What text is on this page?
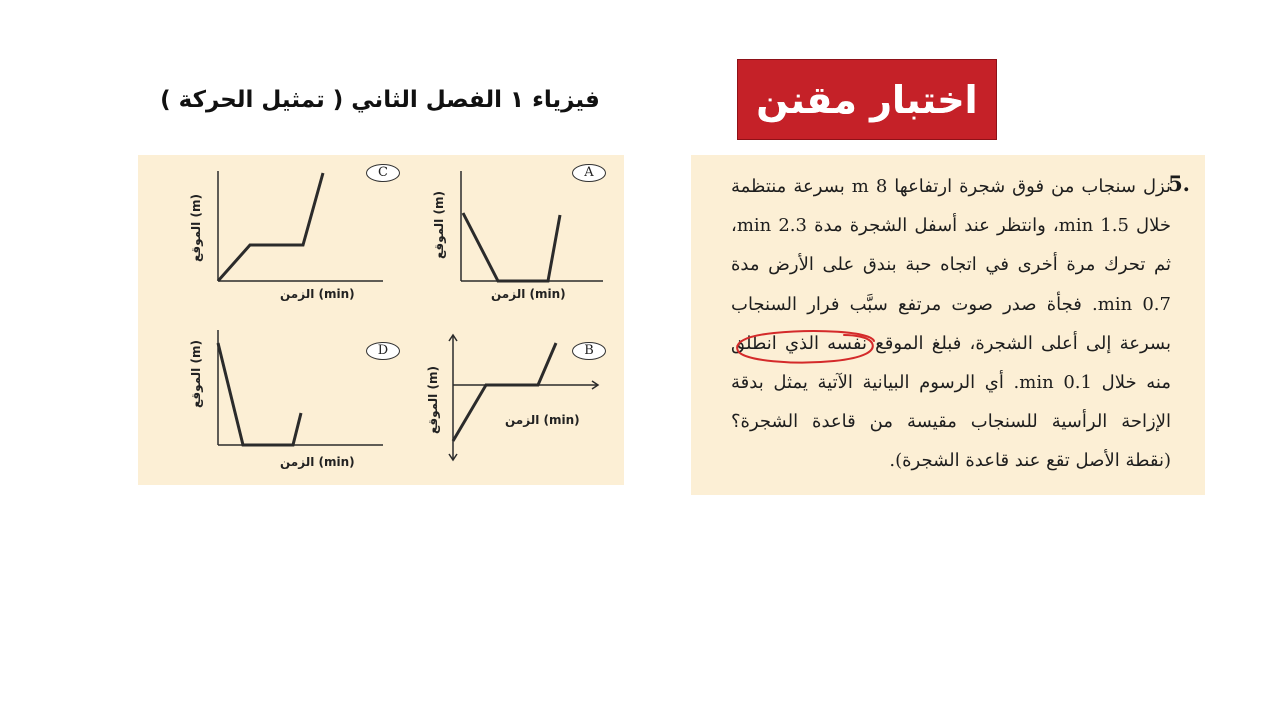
فيزياء ١ الفصل الثاني ( تمثيل الحركة )	اختبار مقنن
5.
نزل سنجاب من فوق شجرة ارتفاعها 8 m بسرعة منتظمة خلال 1.5 min، وانتظر عند أسفل الشجرة مدة 2.3 min، ثم تحرك مرة أخرى في اتجاه حبة بندق على الأرض مدة 0.7 min. فجأة صدر صوت مرتفع سبَّب فرار السنجاب بسرعة إلى أعلى الشجرة، فبلغ الموقع نفسه الذي انطلق منه خلال 0.1 min. أي الرسوم البيانية الآتية يمثل بدقة الإزاحة الرأسية للسنجاب مقيسة من قاعدة الشجرة؟ (نقطة الأصل تقع عند قاعدة الشجرة).
C
الزمن (min)
الموقع (m)
A
الزمن (min)
الموقع (m)
D
الزمن (min)
الموقع (m)	B
الزمن (min)
الموقع (m)
